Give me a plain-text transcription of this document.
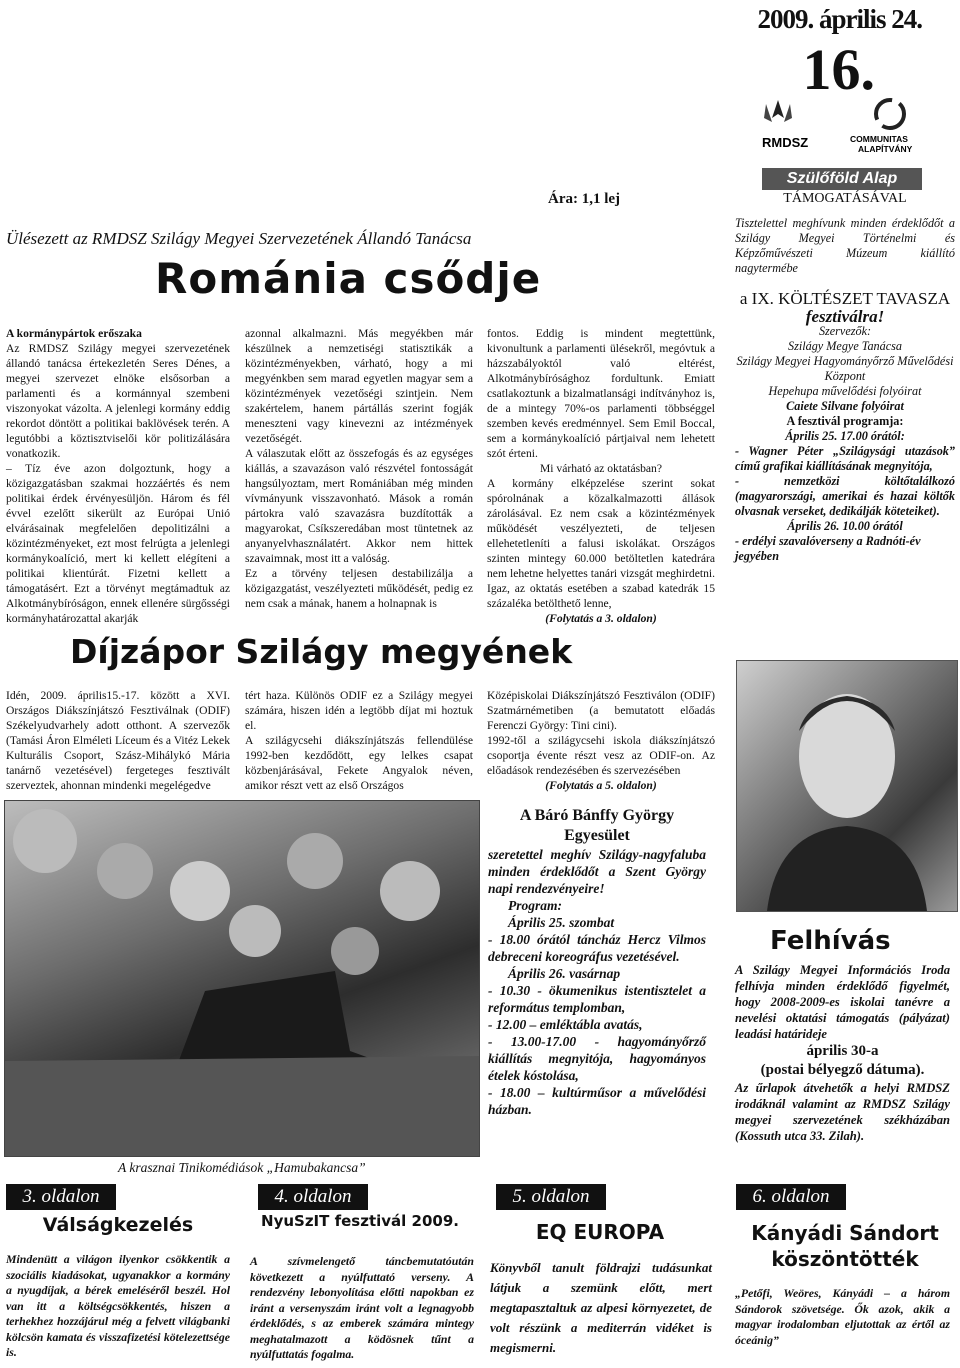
2009. április 24.
16.
RMDSZ	COMMUNITAS
ALAPÍTVÁNY
Szülőföld Alap
TÁMOGATÁSÁVAL
Ára: 1,1 lej
Ülésezett az RMDSZ Szilágy Megyei Szervezetének Állandó Tanácsa
Románia csődje

A kormánypártok erőszaka

Az RMDSZ Szilágy megyei szervezetének állandó tanácsa értekezletén Seres Dénes, a megyei szervezet elnöke elsősorban a parlamenti és a kormánnyal szembeni viszonyokat vázolta. A jelenlegi kormány eddig rekordot döntött a politikai baklövések terén. A legutóbbi a köztisztviselői kör politizálására vonatkozik.

– Tíz éve azon dolgoztunk, hogy a közigazgatásban szakmai hozzáértés és nem politikai érdek érvényesüljön. Három és fél évvel ezelőtt sikerült az Európai Unió elvárásainak megfelelően depolitizálni a közintézményeket, ezt most felrúgta a jelenlegi kormánykoalíció, mert ki kellett elégíteni a politikai klientúrát. Fizetni kellett a támogatásért. Ezt a törvényt megtámadtuk az Alkotmánybíróságon, ennek ellenére sürgősségi kormányhatározattal akarják

azonnal alkalmazni. Más megyékben már készülnek a nemzetiségi statisztikák a közintézményekben, várható, hogy a mi megyénkben sem marad egyetlen magyar sem a közintézmények vezetőségi szintjein. Nem szakértelem, hanem pártállás szerint fogják meneszteni vagy kinevezni az intézmények vezetőségét.

A válaszutak előtt az összefogás és az egységes kiállás, a szavazáson való részvétel fontosságát hangsúlyoztam, mert Romániában még minden vívmányunk visszavonható. Mások a román pártokra való szavazásra buzdították a magyarokat, Csíkszeredában most tüntetnek az anyanyelvhasználatért. Akkor nem hittek szavaimnak, most itt a valóság.

Ez a törvény teljesen destabilizálja a közigazgatást, veszélyezteti működését, pedig ez nem csak a mának, hanem a holnapnak is

fontos. Eddig is mindent megtettünk, kivonultunk a parlamenti ülésekről, megóvtuk a házszabályoktól való eltérést, Alkotmánybírósághoz fordultunk. Emiatt csatlakoztunk a bizalmatlansági indítványhoz is, de a mintegy 70%-os parlamenti többséggel szemben kevés eredménnyel. Sem Emil Boccal, sem a kormánykoalíció pártjaival nem lehetett szót érteni.

Mi várható az oktatásban?

A kormány elképzelése szerint sokat spórolnának a közalkalmazotti állások zárolásával. Ez nem csak a közintézmények működését veszélyezteti, de teljesen ellehetetleníti a falusi iskolákat. Országos szinten mintegy 60.000 betöltetlen katedrára nem lehetne helyettes tanári vizsgát meghirdetni. Igaz, az oktatás esetében a szabad katedrák 15 százaléka betölthető lenne,

(Folytatás a 3. oldalon)

Tisztelettel meghívunk minden érdeklődőt a Szilágy Megyei Történelmi és Képzőművészeti Múzeum kiállító nagytermébe
a IX. KÖLTÉSZET TAVASZA
fesztiválra!
Szervezők:
Szilágy Megye Tanácsa
Szilágy Megyei Hagyományőrző Művelődési Központ
Hepehupa művelődési folyóirat
Caiete Silvane folyóirat
A fesztivál programja:
Április 25. 17.00 órától:
- Wagner Péter „Szilágysági utazások” című grafikai kiállításának megnyitója,
- nemzetközi költőtalálkozó (magyarországi, amerikai és hazai költők olvasnak verseket, dedikálják köteteiket).
Április 26. 10.00 órától
- erdélyi szavalóverseny a Radnóti-év jegyében
Díjzápor Szilágy megyének

Idén, 2009. április15.-17. között a XVI. Országos Diákszínjátszó Fesztiválnak (ODIF) Székelyudvarhely adott otthont. A szervezők (Tamási Áron Elméleti Líceum és a Vitéz Lekek Kulturális Csoport, Szász-Mihálykó Mária tanárnő vezetésével) fergeteges fesztivált szerveztek, ahonnan mindenki megelégedve

tért haza. Különös ODIF ez a Szilágy megyei számára, hiszen idén a legtöbb díjat mi hoztuk el.

A szilágycsehi diákszínjátszás fellendülése 1992-ben kezdődött, egy lelkes csapat közbenjárásával, Fekete Angyalok néven, amikor részt vett az első Országos

Középiskolai Diákszínjátszó Fesztiválon (ODIF) Szatmárnémetiben (a bemutatott előadás Ferenczi György: Tini cini).

1992-től a szilágycsehi iskola diákszínjátszó csoportja évente részt vesz az ODIF-on. Az előadások rendezésében és szervezésében

(Folytatás a 5. oldalon)

A krasznai Tinikomédiások „Hamubakancsa”
A Báró Bánffy György Egyesület
szeretettel meghív Szilágy-nagyfaluba minden érdeklődőt a Szent György napi rendezvényeire!
Program:
Április 25. szombat
- 18.00 órától táncház Hercz Vilmos debreceni koreográfus vezetésével.
Április 26. vasárnap
- 10.30 - ökumenikus istentisztelet a református templomban,
- 12.00 – emléktábla avatás,
- 13.00-17.00 - hagyományőrző kiállítás megnyitója, hagyományos ételek kóstolása,
- 18.00 – kultúrműsor a művelődési házban.
Felhívás
A Szilágy Megyei Információs Iroda felhívja minden érdeklődő figyelmét, hogy 2008-2009-es iskolai tanévre a nevelési oktatási támogatás (pályázat) leadási határideje
április 30-a
(postai bélyegző dátuma).
Az űrlapok átvehetők a helyi RMDSZ irodáknál valamint az RMDSZ Szilágy megyei szervezetének székházában (Kossuth utca 33. Zilah).
3. oldalon	4. oldalon	5. oldalon	6. oldalon
Válságkezelés	NyuSzIT fesztivál 2009.	EQ EUROPA	Kányádi Sándort köszöntötték
Mindenütt a világon ilyenkor csökkentik a szociális kiadásokat, ugyanakkor a kormány a nyugdíjak, a bérek emeléséről beszél. Hol van itt a költségcsökkentés, hiszen a terhekhez hozzájárul még a felvett világbanki kölcsön kamata és visszafizetési kötelezettsége is.
A szívmelengető táncbemutatóután következett a nyúlfuttató verseny. A rendezvény lebonyolítása előtti napokban ez iránt a versenyszám iránt volt a legnagyobb érdeklődés, s az emberek számára mintegy meghatalmazott a ködösnek tűnt a nyúlfuttatás fogalma.
Könyvből tanult földrajzi tudásunkat látjuk a szemünk előtt, mert megtapasztaltuk az alpesi környezetet, de volt részünk a mediterrán vidéket is megismerni.
„Petőfi, Weöres, Kányádi – a három Sándorok szövetsége. Ők azok, akik a magyar irodalomban eljutottak az értől az óceánig”
